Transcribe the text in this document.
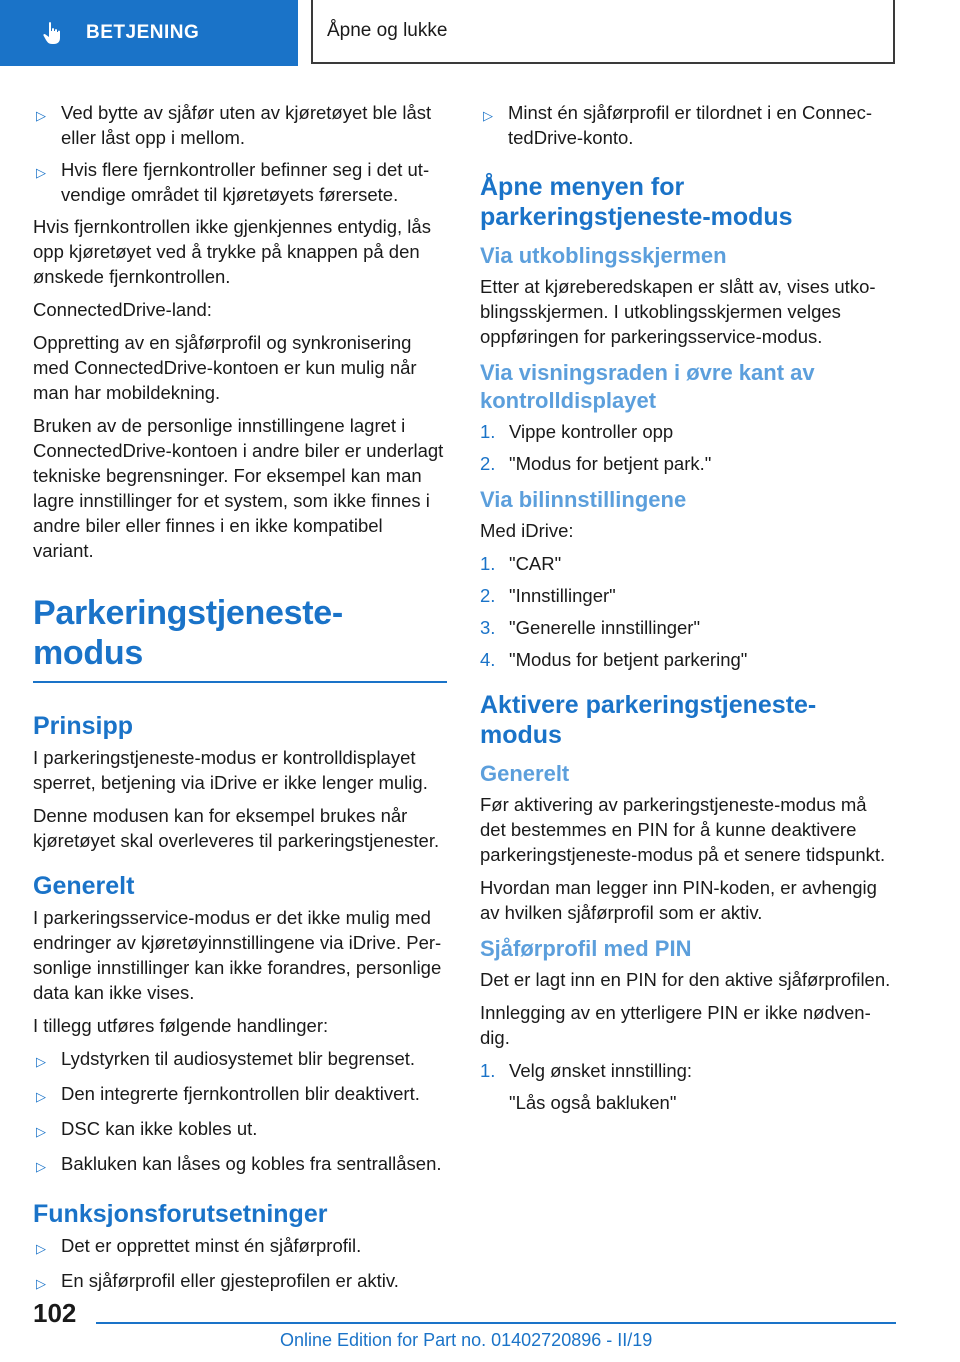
BETJENING	Åpne og lukke
▷ Ved bytte av sjåfør uten av kjøretøyet ble låst eller låst opp i mellom.
▷ Hvis flere fjernkontroller befinner seg i det utvendige området til kjøretøyets førersete.

Hvis fjernkontrollen ikke gjenkjennes entydig, lås opp kjøretøyet ved å trykke på knappen på den ønskede fjernkontrollen.

ConnectedDrive-land:

Oppretting av en sjåførprofil og synkronisering med ConnectedDrive-kontoen er kun mulig når man har mobildekning.

Bruken av de personlige innstillingene lagret i ConnectedDrive-kontoen i andre biler er underlagt tekniske begrensninger. For eksempel kan man lagre innstillinger for et system, som ikke finnes i andre biler eller finnes i en ikke kompatibel variant.

Parkeringstjeneste-modus
Prinsipp

I parkeringstjeneste-modus er kontrolldisplayet sperret, betjening via iDrive er ikke lenger mulig.

Denne modusen kan for eksempel brukes når kjøretøyet skal overleveres til parkeringstjenester.

Generelt

I parkeringsservice-modus er det ikke mulig med endringer av kjøretøyinnstillingene via iDrive. Personlige innstillinger kan ikke forandres, personlige data kan ikke vises.

I tillegg utføres følgende handlinger:

▷ Lydstyrken til audiosystemet blir begrenset.
▷ Den integrerte fjernkontrollen blir deaktivert.
▷ DSC kan ikke kobles ut.
▷ Bakluken kan låses og kobles fra sentrallåsen.
Funksjonsforutsetninger
▷ Det er opprettet minst én sjåførprofil.
▷ En sjåførprofil eller gjesteprofilen er aktiv.
▷ Minst én sjåførprofil er tilordnet i en ConnectedDrive-konto.
Åpne menyen for parkeringstjeneste-modus
Via utkoblingsskjermen

Etter at kjøreberedskapen er slått av, vises utkoblingsskjermen. I utkoblingsskjermen velges oppføringen for parkeringsservice-modus.

Via visningsraden i øvre kant av kontrolldisplayet
1. Vippe kontroller opp
2. "Modus for betjent park."
Via bilinnstillingene

Med iDrive:

1. "CAR"
2. "Innstillinger"
3. "Generelle innstillinger"
4. "Modus for betjent parkering"
Aktivere parkeringstjeneste-modus
Generelt

Før aktivering av parkeringstjeneste-modus må det bestemmes en PIN for å kunne deaktivere parkeringstjeneste-modus på et senere tidspunkt.

Hvordan man legger inn PIN-koden, er avhengig av hvilken sjåførprofil som er aktiv.

Sjåførprofil med PIN

Det er lagt inn en PIN for den aktive sjåførprofilen.

Innlegging av en ytterligere PIN er ikke nødvendig.

1. Velg ønsket innstilling:
"Lås også bakluken"
102
Online Edition for Part no. 01402720896 - II/19
